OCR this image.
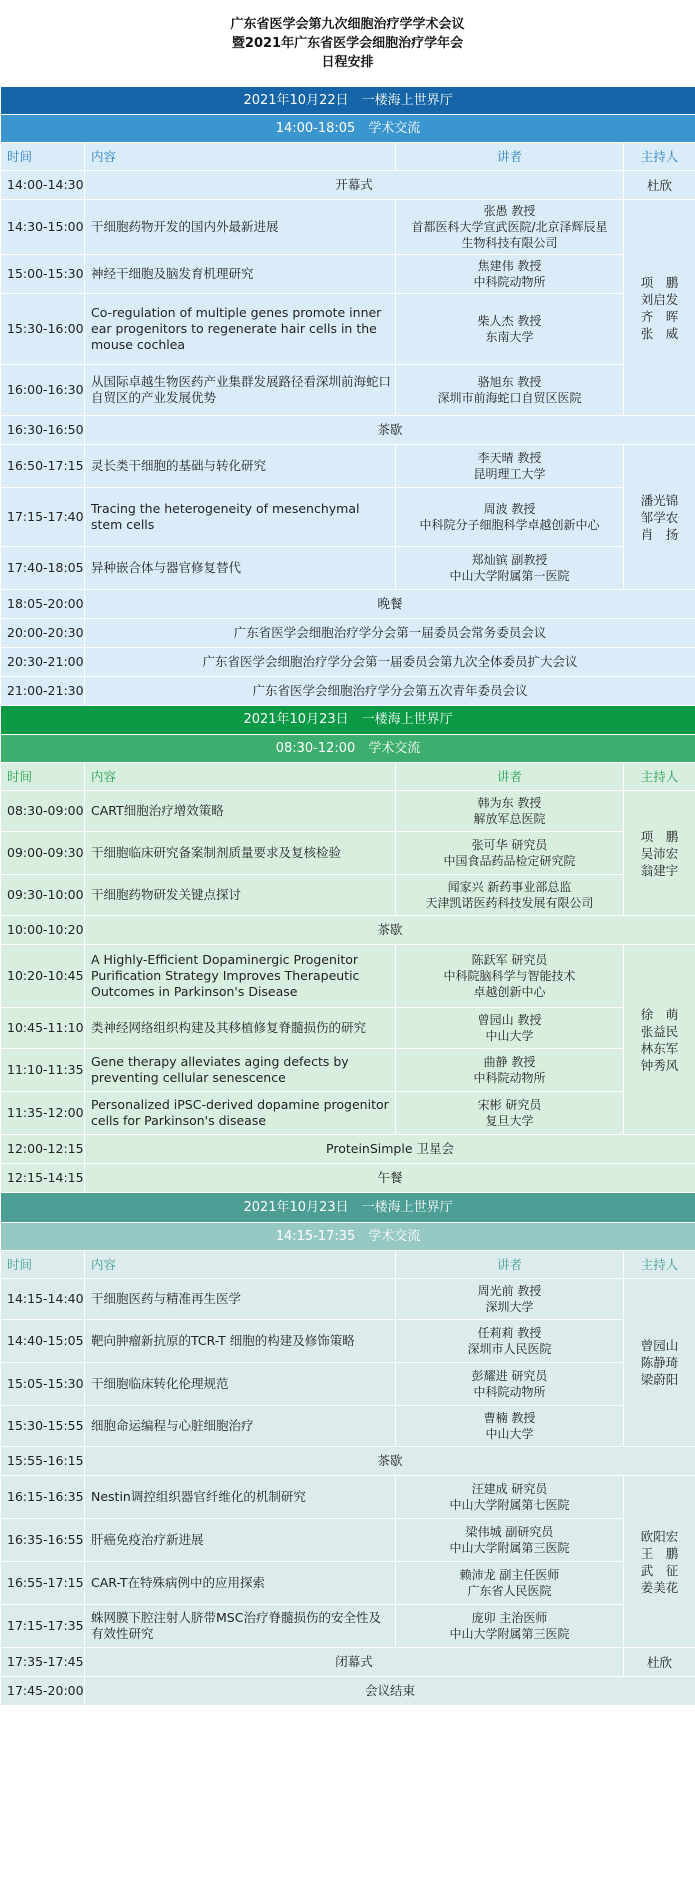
广东省医学会第九次细胞治疗学学术会议
暨2021年广东省医学会细胞治疗学年会
日程安排
2021年10月22日　一楼海上世界厅			
14:00-18:05　学术交流			
时间	内容	讲者	主持人
14:00-14:30	开幕式		杜欣
14:30-15:00	干细胞药物开发的国内外最新进展	张愚 教授
首都医科大学宣武医院/北京泽辉辰星
生物科技有限公司	项　鹏
刘启发
齐　晖
张　威

15:00-15:30	神经干细胞及脑发育机理研究	焦建伟 教授
中科院动物所	

15:30-16:00	Co-regulation of multiple genes promote inner ear progenitors to regenerate hair cells in the mouse cochlea	柴人杰 教授
东南大学	

16:00-16:30	从国际卓越生物医药产业集群发展路径看深圳前海蛇口自贸区的产业发展优势	骆旭东 教授
深圳市前海蛇口自贸区医院	

16:30-16:50	茶歇		
16:50-17:15	灵长类干细胞的基础与转化研究	李天晴 教授
昆明理工大学	潘光锦
邹学农
肖　扬

17:15-17:40	Tracing the heterogeneity of mesenchymal stem cells	周波 教授
中科院分子细胞科学卓越创新中心	

17:40-18:05	异种嵌合体与器官修复替代	郑灿镔 副教授
中山大学附属第一医院	

18:05-20:00	晚餐		
20:00-20:30	广东省医学会细胞治疗学分会第一届委员会常务委员会议		
20:30-21:00	广东省医学会细胞治疗学分会第一届委员会第九次全体委员扩大会议		
21:00-21:30	广东省医学会细胞治疗学分会第五次青年委员会议		
2021年10月23日　一楼海上世界厅			
08:30-12:00　学术交流			
时间	内容	讲者	主持人
08:30-09:00	CART细胞治疗增效策略	韩为东 教授
解放军总医院	项　鹏
吴沛宏
翁建宇

09:00-09:30	干细胞临床研究备案制剂质量要求及复核检验	张可华 研究员
中国食品药品检定研究院	

09:30-10:00	干细胞药物研发关键点探讨	闻家兴 新药事业部总监
天津凯诺医药科技发展有限公司	

10:00-10:20	茶歇		
10:20-10:45	A Highly-Efficient Dopaminergic Progenitor Purification Strategy Improves Therapeutic Outcomes in Parkinson's Disease	陈跃军 研究员
中科院脑科学与智能技术
卓越创新中心	徐　萌
张益民
林东军
钟秀风

10:45-11:10	类神经网络组织构建及其移植修复脊髓损伤的研究	曾园山 教授
中山大学	

11:10-11:35	Gene therapy alleviates aging defects by preventing cellular senescence	曲静 教授
中科院动物所	

11:35-12:00	Personalized iPSC-derived dopamine progenitor cells for Parkinson's disease	宋彬 研究员
复旦大学	

12:00-12:15	ProteinSimple 卫星会		
12:15-14:15	午餐		
2021年10月23日　一楼海上世界厅			
14:15-17:35　学术交流			
时间	内容	讲者	主持人
14:15-14:40	干细胞医药与精准再生医学	周光前 教授
深圳大学	曾园山
陈静琦
梁蔚阳

14:40-15:05	靶向肿瘤新抗原的TCR-T 细胞的构建及修饰策略	任莉莉 教授
深圳市人民医院	

15:05-15:30	干细胞临床转化伦理规范	彭耀进 研究员
中科院动物所	

15:30-15:55	细胞命运编程与心脏细胞治疗	曹楠 教授
中山大学	

15:55-16:15	茶歇		
16:15-16:35	Nestin调控组织器官纤维化的机制研究	汪建成 研究员
中山大学附属第七医院	欧阳宏
王　鹏
武　征
姜美花

16:35-16:55	肝癌免疫治疗新进展	梁伟城 副研究员
中山大学附属第三医院	

16:55-17:15	CAR-T在特殊病例中的应用探索	赖沛龙 副主任医师
广东省人民医院	

17:15-17:35	蛛网膜下腔注射人脐带MSC治疗脊髓损伤的安全性及有效性研究	庞卯 主治医师
中山大学附属第三医院	

17:35-17:45	闭幕式		杜欣
17:45-20:00	会议结束		
